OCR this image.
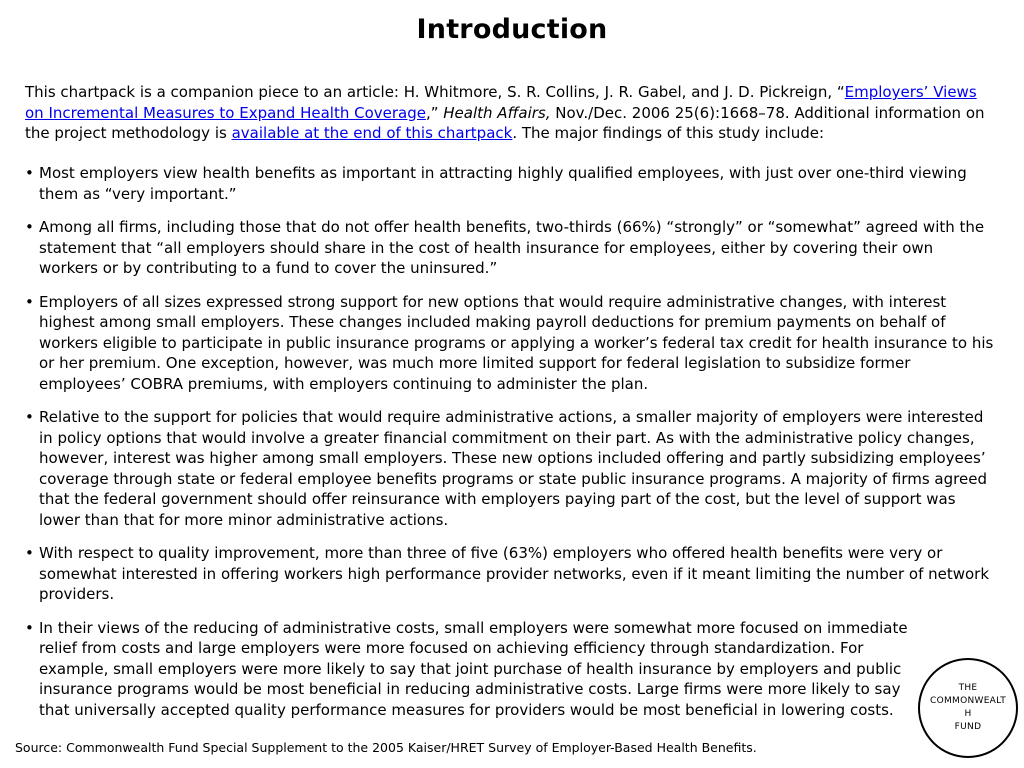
Introduction
This chartpack is a companion piece to an article: H. Whitmore, S. R. Collins, J. R. Gabel, and J. D. Pickreign, “Employers’ Views on Incremental Measures to Expand Health Coverage,” Health Affairs, Nov./Dec. 2006 25(6):1668–78. Additional information on the project methodology is available at the end of this chartpack. The major findings of this study include:
• Most employers view health benefits as important in attracting highly qualified employees, with just over one-third viewing them as “very important.”
• Among all firms, including those that do not offer health benefits, two-thirds (66%) “strongly” or “somewhat” agreed with the statement that “all employers should share in the cost of health insurance for employees, either by covering their own workers or by contributing to a fund to cover the uninsured.”
• Employers of all sizes expressed strong support for new options that would require administrative changes, with interest highest among small employers. These changes included making payroll deductions for premium payments on behalf of workers eligible to participate in public insurance programs or applying a worker’s federal tax credit for health insurance to his or her premium. One exception, however, was much more limited support for federal legislation to subsidize former employees’ COBRA premiums, with employers continuing to administer the plan.
• Relative to the support for policies that would require administrative actions, a smaller majority of employers were interested in policy options that would involve a greater financial commitment on their part. As with the administrative policy changes, however, interest was higher among small employers. These new options included offering and partly subsidizing employees’ coverage through state or federal employee benefits programs or state public insurance programs. A majority of firms agreed that the federal government should offer reinsurance with employers paying part of the cost, but the level of support was lower than that for more minor administrative actions.
• With respect to quality improvement, more than three of five (63%) employers who offered health benefits were very or somewhat interested in offering workers high performance provider networks, even if it meant limiting the number of network providers.
• In their views of the reducing of administrative costs, small employers were somewhat more focused on immediate relief from costs and large employers were more focused on achieving efficiency through standardization. For example, small employers were more likely to say that joint purchase of health insurance by employers and public insurance programs would be most beneficial in reducing administrative costs. Large firms were more likely to say that universally accepted quality performance measures for providers would be most beneficial in lowering costs.
Source: Commonwealth Fund Special Supplement to the 2005 Kaiser/HRET Survey of Employer-Based Health Benefits.
THE
COMMONWEALTH
FUND
